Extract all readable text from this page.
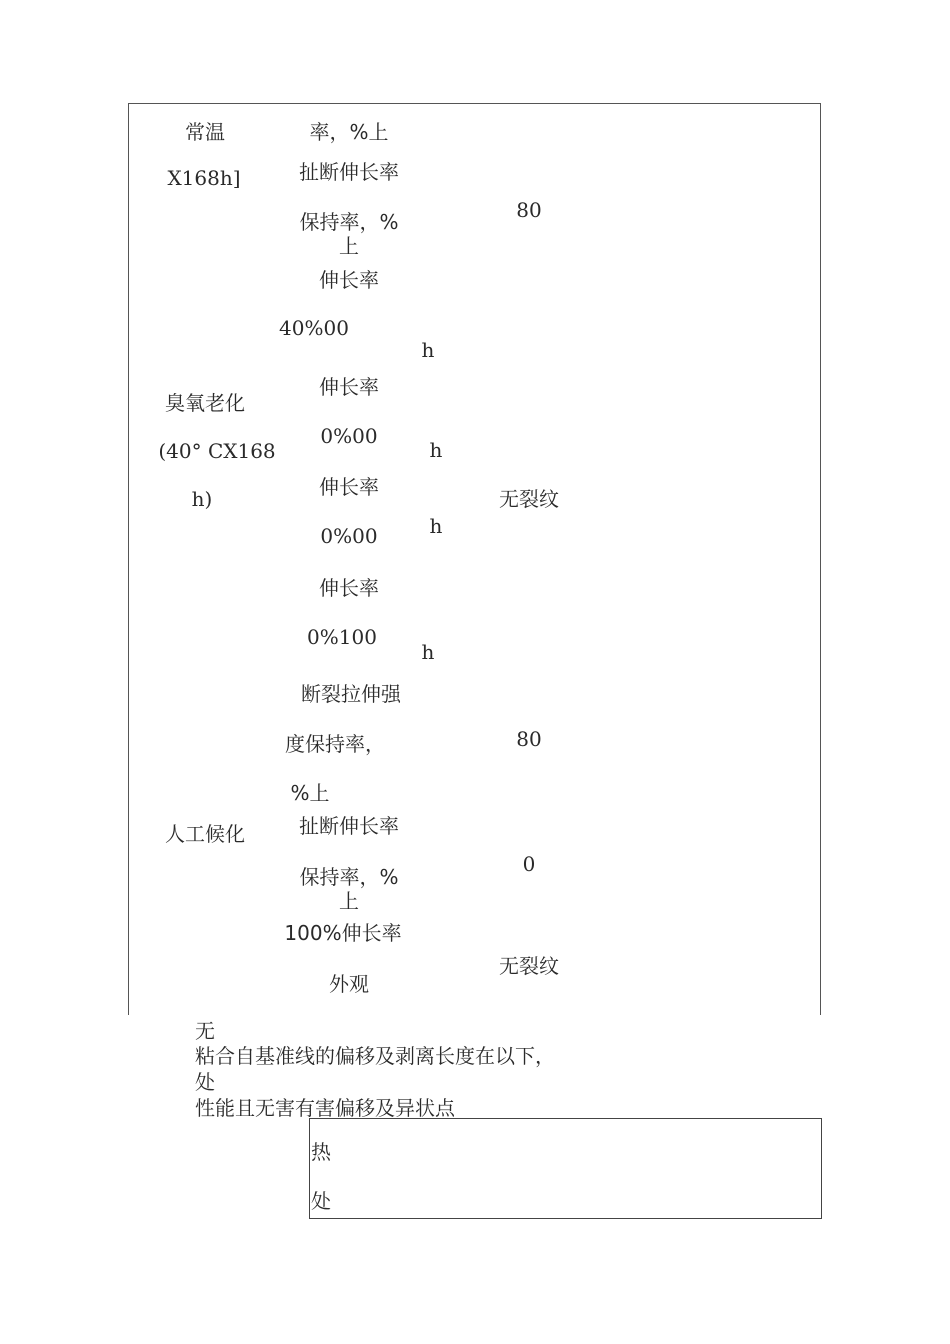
常温
X168h]
臭氧老化
(40° CX168
h)
人工候化
率，%上
扯断伸长率
保持率，%
上
伸长率
40%00
伸长率
0%00
伸长率
0%00
伸长率
0%100
断裂拉伸强
度保持率，
%上
扯断伸长率
保持率，%
上
100%伸长率
外观
h
h
h
h
80
无裂纹
80
0
无裂纹
无
粘合自基准线的偏移及剥离长度在以下，
处
性能且无害有害偏移及异状点
热
处
